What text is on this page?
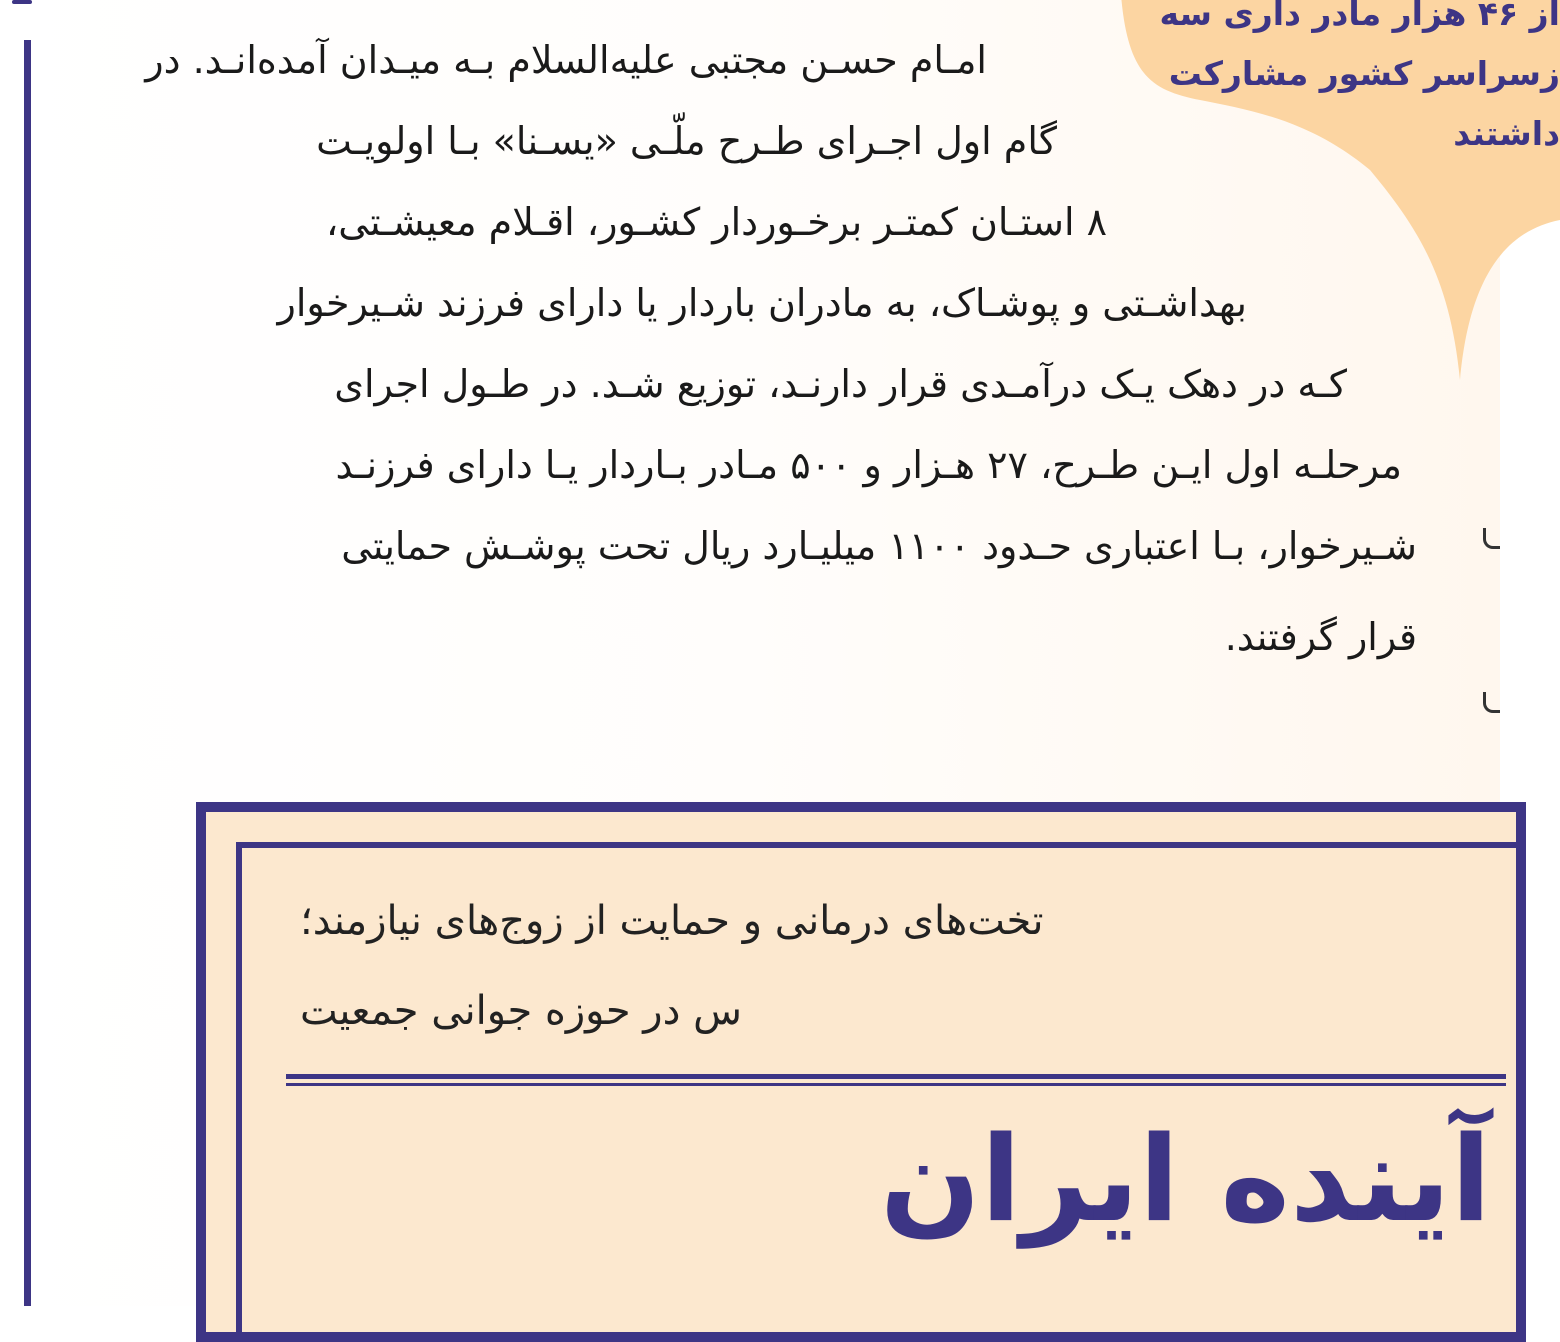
از ۴۶ هزار مادر داری سه
زسراسر کشور مشارکت
داشتند
امـام حسـن مجتبی علیه‌السلام بـه میـدان آمده‌انـد. در
گام اول اجـرای طـرح ملّـی «یسـنا» بـا اولویـت
۸ استـان کمتـر برخـوردار کشـور، اقـلام معیشـتی،
بهداشـتی و پوشـاک، به مادران باردار یا دارای فرزند شـیرخوار
کـه در دهک یـک درآمـدی قرار دارنـد، توزیع شـد. در طـول اجرای
مرحلـه اول ایـن طـرح، ۲۷ هـزار و ۵۰۰ مـادر بـاردار یـا دارای فرزنـد
شـیرخوار، بـا اعتباری حـدود ۱۱۰۰ میلیـارد ریال تحت پوشـش حمایتی
قرار گرفتند.
تخت‌های درمانی و حمایت از زوج‌های نیازمند؛
س در حوزه جوانی جمعیت
آینده ایران
